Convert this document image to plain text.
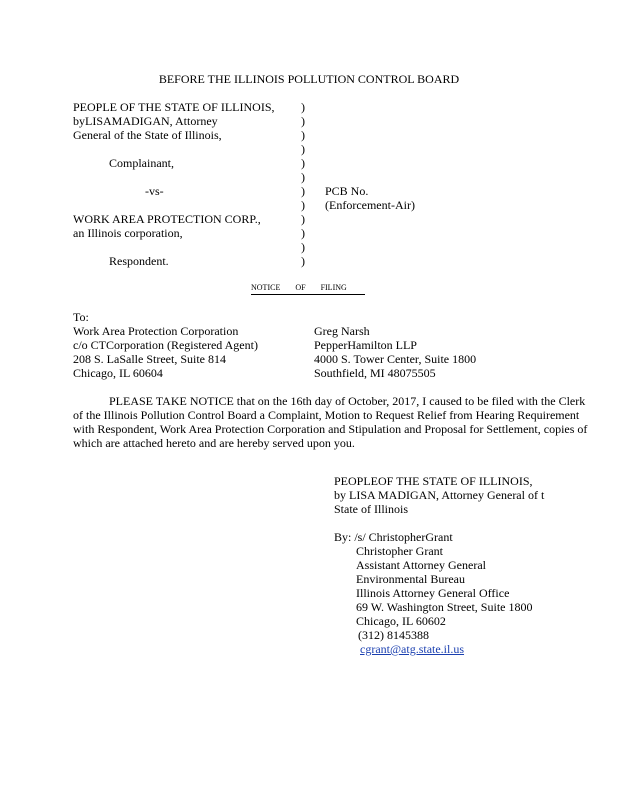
BEFORE THE ILLINOIS POLLUTION CONTROL BOARD
PEOPLE OF THE STATE OF ILLINOIS,
byLISAMADIGAN, Attorney
General of the State of Illinois,
Complainant,
-vs-
WORK AREA PROTECTION CORP.,
an Illinois corporation,
Respondent.
)
)
)
)
)
)
)
)
)
)
)
)
PCB No.
(Enforcement-Air)
NOTICE OF FILING
To:
Work Area Protection Corporation
c/o CTCorporation (Registered Agent)
208 S. LaSalle Street, Suite 814
Chicago, IL 60604
Greg Narsh
PepperHamilton LLP
4000 S. Tower Center, Suite 1800
Southfield, MI 48075505
PLEASE TAKE NOTICE that on the 16th day of October, 2017, I caused to be filed with the Clerk of the Illinois Pollution Control Board a Complaint, Motion to Request Relief from Hearing Requirement with Respondent, Work Area Protection Corporation and Stipulation and Proposal for Settlement, copies of which are attached hereto and are hereby served upon you.
PEOPLEOF THE STATE OF ILLINOIS,
by LISA MADIGAN, Attorney General of t
State of Illinois
By: /s/ ChristopherGrant
Christopher Grant
Assistant Attorney General
Environmental Bureau
Illinois Attorney General Office
69 W. Washington Street, Suite 1800
Chicago, IL 60602
(312) 8145388
cgrant@atg.state.il.us
